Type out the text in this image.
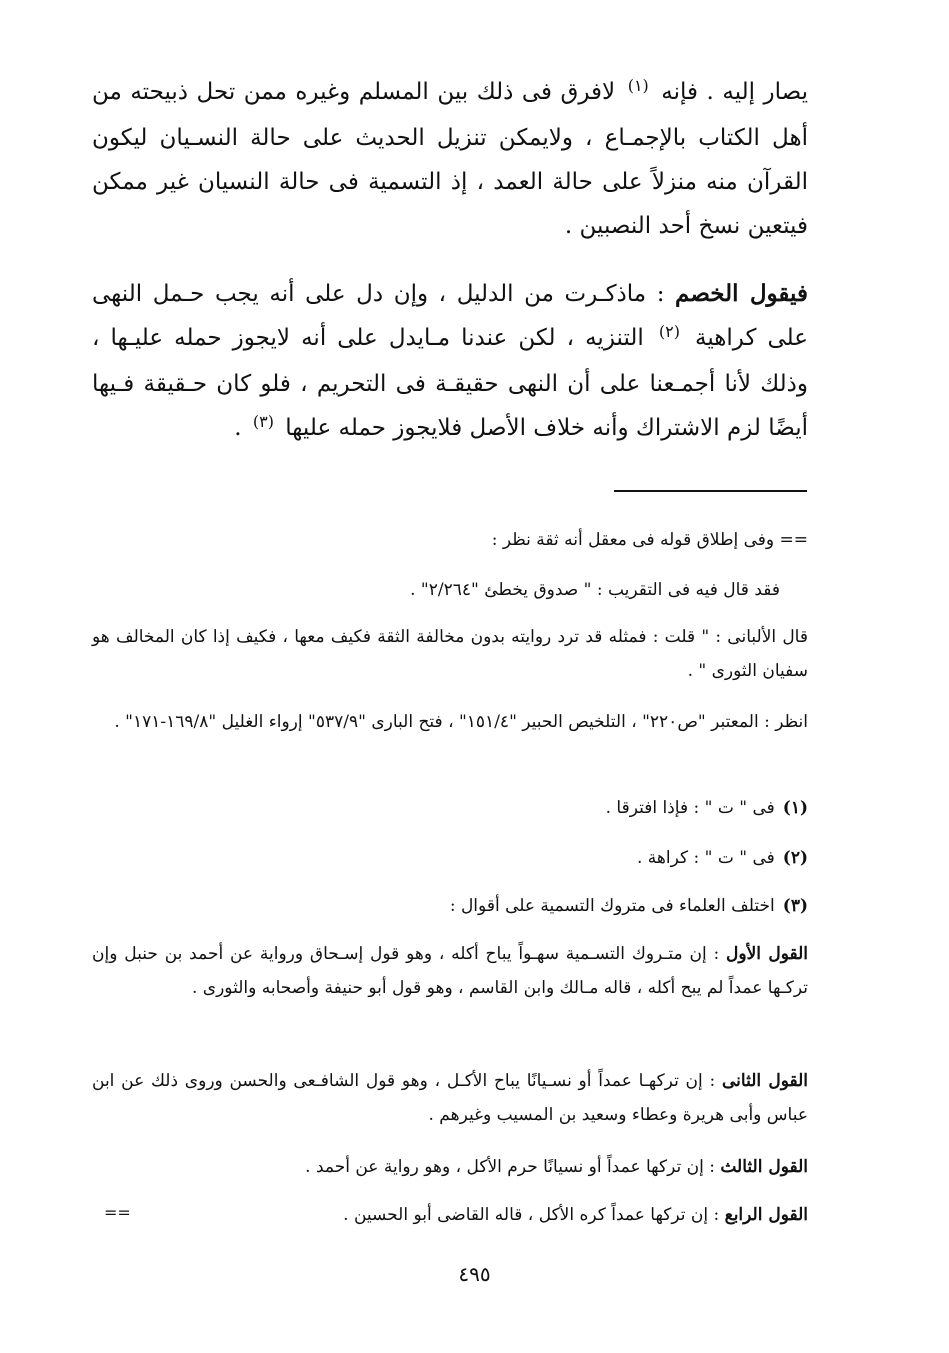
يصار إليه . فإنه $^{(١)}$ لافرق فى ذلك بين المسلم وغيره ممن تحل ذبيحته من أهل الكتاب بالإجمـاع ، ولايمكن تنزيل الحديث على حالة النسـيان ليكون القرآن منه منزلاً على حالة العمد ، إذ التسمية فى حالة النسيان غير ممكن فيتعين نسخ أحد النصبين .

فيقول الخصم : ماذكـرت من الدليل ، وإن دل على أنه يجب حـمل النهى على كراهية $^{(٢)}$ التنزيه ، لكن عندنا مـايدل على أنه لايجوز حمله عليـها ، وذلك لأنا أجمـعنا على أن النهى حقيقـة فى التحريم ، فلو كان حـقيقة فـيها أيضًا لزم الاشتراك وأنه خلاف الأصل فلايجوز حمله عليها $^{(٣)}$ .

== وفى إطلاق قوله فى معقل أنه ثقة نظر :

فقد قال فيه فى التقريب : " صدوق يخطئ "٢/٢٦٤" .

قال الألبانى : " قلت : فمثله قد ترد روايته بدون مخالفة الثقة فكيف معها ، فكيف إذا كان المخالف هو سفيان الثورى " .

انظر : المعتبر "ص٢٢٠" ، التلخيص الحبير "١٥١/٤" ، فتح البارى "٥٣٧/٩" إرواء الغليل "١٦٩/٨-١٧١" .

(١)فى " ت " : فإذا افترقا .

(٢)فى " ت " : كراهة .

(٣)اختلف العلماء فى متروك التسمية على أقوال :

القول الأول : إن متـروك التسـمية سهـواً يباح أكله ، وهو قول إسـحاق ورواية عن أحمد بن حنبل وإن تركـها عمداً لم يبح أكله ، قاله مـالك وابن القاسم ، وهو قول أبو حنيفة وأصحابه والثورى .

القول الثانى : إن تركهـا عمداً أو نسـيانًا يباح الأكـل ، وهو قول الشافـعى والحسن وروى ذلك عن ابن عباس وأبى هريرة وعطاء وسعيد بن المسيب وغيرهم .

القول الثالث : إن تركها عمداً أو نسيانًا حرم الأكل ، وهو رواية عن أحمد .

القول الرابع : إن تركها عمداً كره الأكل ، قاله القاضى أبو الحسين .

==
٤٩٥
